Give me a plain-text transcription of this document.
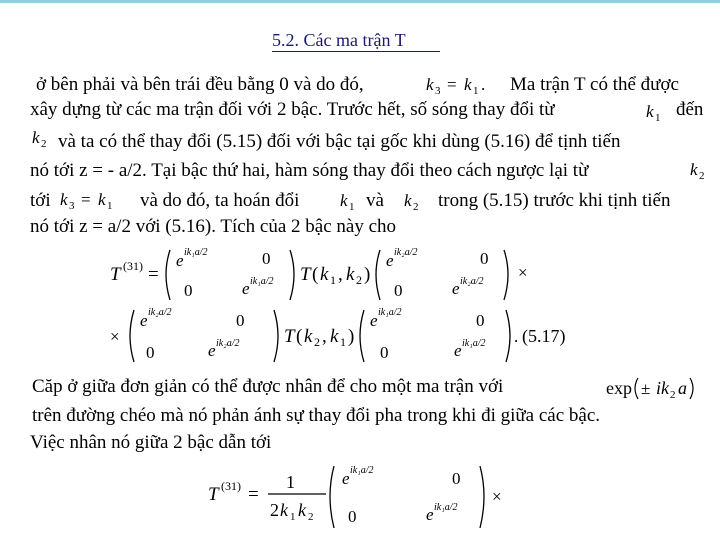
5.2. Các ma trận T
ở bên phải và bên trái đều bằng 0 và do đó,	k 3 = k 1 . Ma trận T có thể được
xây dựng từ các ma trận đối với 2 bậc. Trước hết, số sóng thay đổi từ	k 1 đến
k 2 và ta có thể thay đổi (5.15) đối với bậc tại gốc khi dùng (5.16) để tịnh tiến
nó tới z = - a/2. Tại bậc thứ hai, hàm sóng thay đổi theo cách ngược lại từ	k 2
tới k 3 = k 1 và do đó, ta hoán đổi k 1 và k 2 trong (5.15) trước khi tịnh tiến
nó tới z = a/2 với (5.16). Tích của 2 bậc này cho
T (31) =
e ik₁a/2	0
0	e ik₁a/2 T ( k 1 , k 2 )
e ik₂a/2	0
0	e ik₂a/2 ×
×
e ik₂a/2	0
0	e ik₂a/2 T ( k 2 , k 1 )
e ik₁a/2	0
0	e ik₁a/2 . (5.17)
Căp ở giữa đơn giản có thể được nhân để cho một ma trận với	exp ± ik 2 a
trên đường chéo mà nó phản ánh sự thay đổi pha trong khi đi giữa các bậc.
Việc nhân nó giữa 2 bậc dẫn tới
T (31) =
1
2 k 1 k 2
e ik₁a/2	0
0	e ik₁a/2
×
